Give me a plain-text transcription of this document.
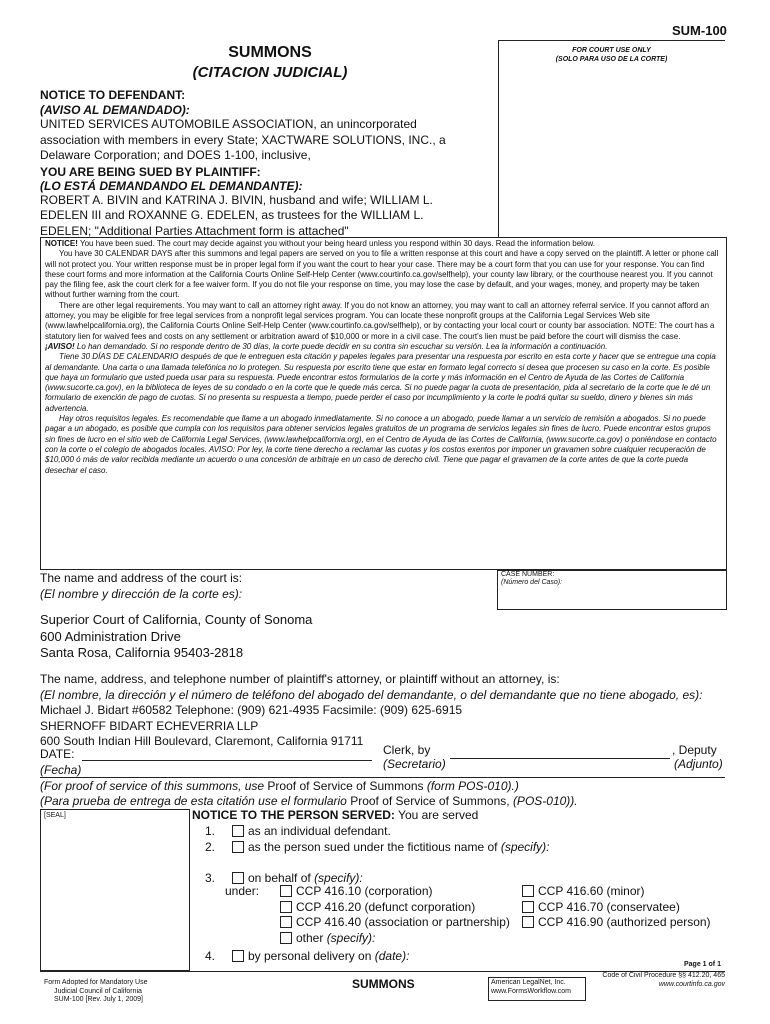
SUM-100
FOR COURT USE ONLY
(SOLO PARA USO DE LA CORTE)
SUMMONS
(CITACION JUDICIAL)
NOTICE TO DEFENDANT:
(AVISO AL DEMANDADO):
UNITED SERVICES AUTOMOBILE ASSOCIATION, an unincorporated
association with members in every State; XACTWARE SOLUTIONS, INC., a
Delaware Corporation; and DOES 1-100, inclusive,
YOU ARE BEING SUED BY PLAINTIFF:
(LO ESTÁ DEMANDANDO EL DEMANDANTE):
ROBERT A. BIVIN and KATRINA J. BIVIN, husband and wife; WILLIAM L.
EDELEN III and ROXANNE G. EDELEN, as trustees for the WILLIAM L.
EDELEN; "Additional Parties Attachment form is attached"

NOTICE! You have been sued. The court may decide against you without your being heard unless you respond within 30 days. Read the information below.

You have 30 CALENDAR DAYS after this summons and legal papers are served on you to file a written response at this court and have a copy served on the plaintiff. A letter or phone call will not protect you. Your written response must be in proper legal form if you want the court to hear your case. There may be a court form that you can use for your response. You can find these court forms and more information at the California Courts Online Self-Help Center (www.courtinfo.ca.gov/selfhelp), your county law library, or the courthouse nearest you. If you cannot pay the filing fee, ask the court clerk for a fee waiver form. If you do not file your response on time, you may lose the case by default, and your wages, money, and property may be taken without further warning from the court.

There are other legal requirements. You may want to call an attorney right away. If you do not know an attorney, you may want to call an attorney referral service. If you cannot afford an attorney, you may be eligible for free legal services from a nonprofit legal services program. You can locate these nonprofit groups at the California Legal Services Web site (www.lawhelpcalifornia.org), the California Courts Online Self-Help Center (www.courtinfo.ca.gov/selfhelp), or by contacting your local court or county bar association. NOTE: The court has a statutory lien for waived fees and costs on any settlement or arbitration award of $10,000 or more in a civil case. The court's lien must be paid before the court will dismiss the case.

¡AVISO! Lo han demandado. Si no responde dentro de 30 días, la corte puede decidir en su contra sin escuchar su versión. Lea la información a continuación.

Tiene 30 DÍAS DE CALENDARIO después de que le entreguen esta citación y papeles legales para presentar una respuesta por escrito en esta corte y hacer que se entregue una copia al demandante. Una carta o una llamada telefónica no lo protegen. Su respuesta por escrito tiene que estar en formato legal correcto si desea que procesen su caso en la corte. Es posible que haya un formulario que usted pueda usar para su respuesta. Puede encontrar estos formularios de la corte y más información en el Centro de Ayuda de las Cortes de California (www.sucorte.ca.gov), en la biblioteca de leyes de su condado o en la corte que le quede más cerca. Si no puede pagar la cuota de presentación, pida al secretario de la corte que le dé un formulario de exención de pago de cuotas. Si no presenta su respuesta a tiempo, puede perder el caso por incumplimiento y la corte le podrá quitar su sueldo, dinero y bienes sin más advertencia.

Hay otros requisitos legales. Es recomendable que llame a un abogado inmediatamente. Si no conoce a un abogado, puede llamar a un servicio de remisión a abogados. Si no puede pagar a un abogado, es posible que cumpla con los requisitos para obtener servicios legales gratuitos de un programa de servicios legales sin fines de lucro. Puede encontrar estos grupos sin fines de lucro en el sitio web de California Legal Services, (www.lawhelpcalifornia.org), en el Centro de Ayuda de las Cortes de California, (www.sucorte.ca.gov) o poniéndose en contacto con la corte o el colegio de abogados locales. AVISO: Por ley, la corte tiene derecho a reclamar las cuotas y los costos exentos por imponer un gravamen sobre cualquier recuperación de $10,000 ó más de valor recibida mediante un acuerdo o una concesión de arbitraje en un caso de derecho civil. Tiene que pagar el gravamen de la corte antes de que la corte pueda desechar el caso.

The name and address of the court is:
(El nombre y dirección de la corte es):
CASE NUMBER:
(Número del Caso):
Superior Court of California, County of Sonoma
600 Administration Drive
Santa Rosa, California 95403-2818
The name, address, and telephone number of plaintiff's attorney, or plaintiff without an attorney, is:
(El nombre, la dirección y el número de teléfono del abogado del demandante, o del demandante que no tiene abogado, es):
Michael J. Bidart #60582 Telephone: (909) 621-4935 Facsimile: (909) 625-6915
SHERNOFF BIDART ECHEVERRIA LLP
600 South Indian Hill Boulevard, Claremont, California 91711
DATE:
(Fecha)
Clerk, by
(Secretario)
, Deputy
(Adjunto)
(For proof of service of this summons, use Proof of Service of Summons (form POS-010).)
(Para prueba de entrega de esta citatión use el formulario Proof of Service of Summons, (POS-010)).
[SEAL]	NOTICE TO THE PERSON SERVED: You are served
1.	as an individual defendant.
2.	as the person sued under the fictitious name of (specify):
3.	on behalf of (specify):
under:	CCP 416.10 (corporation)
CCP 416.20 (defunct corporation)
CCP 416.40 (association or partnership)
other (specify):
CCP 416.60 (minor)
CCP 416.70 (conservatee)
CCP 416.90 (authorized person)
4.	by personal delivery on (date):
Page 1 of 1
Form Adopted for Mandatory Use
Judicial Council of California
SUM-100 [Rev. July 1, 2009]
SUMMONS	American LegalNet, Inc.
www.FormsWorkflow.com
Code of Civil Procedure §§ 412.20, 465
www.courtinfo.ca.gov
